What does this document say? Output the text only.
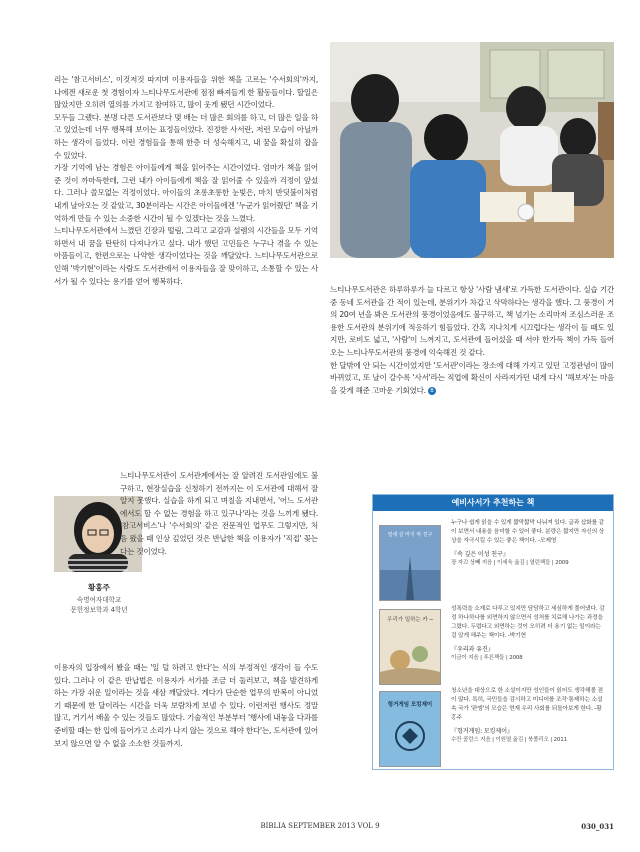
리는 '참고서비스', 이것저것 따지며 이용자들을 위한 책을 고르는 '수서회의'까지, 나에겐 새로운 첫 경험이자 느티나무도서관에 점점 빠져들게 한 활동들이다. 할일은 많았지만 오히려 열의를 가지고 참여하고, 많이 웃게 됐던 시간이었다.

모두들 그랬다. 분명 다른 도서관보다 몇 배는 더 많은 회의를 하고, 더 많은 일을 하고 있었는데 너무 행복해 보이는 표정들이었다. 진정한 사서란, 저런 모습이 아닐까 하는 생각이 들었다. 이런 경험들을 통해 한층 더 성숙해지고, 내 꿈을 확실히 잡을 수 있었다.

가장 기억에 남는 경험은 아이들에게 책을 읽어주는 시간이었다. 엄마가 책을 읽어준 것이 까마득한데, 그런 내가 아이들에게 책을 잘 읽어줄 수 있을까 걱정이 앞섰다. 그러나 쓸모없는 걱정이었다. 아이들의 초롱초롱한 눈빛은, 마치 반딧불이처럼 내게 날아오는 것 같았고, 30분이라는 시간은 아이들에겐 '누군가 읽어줬던' 책을 기억하게 만들 수 있는 소중한 시간이 될 수 있겠다는 것을 느꼈다.

느티나무도서관에서 느꼈던 긴장과 떨림, 그리고 교감과 설렘의 시간들을 모두 기억하면서 내 꿈을 탄탄히 다져나가고 싶다. 내가 했던 고민들은 누구나 겪을 수 있는 아픔들이고, 한편으로는 나약한 생각이었다는 것을 깨달았다. 느티나무도서관으로 인해 '박기현'이라는 사람도 도서관에서 이용자들을 잘 맞이하고, 소통할 수 있는 사서가 될 수 있다는 용기를 얻어 행복하다.

황홍주
숙명여자대학교
문헌정보학과 4학년

느티나무도서관이 도서관계에서는 잘 알려진 도서관임에도 불구하고, 현장실습을 신청하기 전까지는 이 도서관에 대해서 잘 알지 못했다. 실습을 하게 되고 며칠을 지내면서, '어느 도서관에서도 할 수 없는 경험을 하고 있구나'라는 것을 느끼게 됐다. '참고서비스'나 '수서회의' 같은 전문적인 업무도 그렇지만, 처음 왔을 때 인상 깊었던 것은 반납한 책을 이용자가 '직접' 꽂는다는 것이었다.

이용자의 입장에서 봤을 때는 '일 덜 하려고 한다'는 식의 부정적인 생각이 들 수도 있다. 그러나 이 같은 반납법은 이용자가 서가를 조금 더 둘러보고, 책을 발견하게 하는 가장 쉬운 일이라는 것을 새삼 깨달았다. 게다가 단순한 업무의 반복이 아니었기 때문에 한 달이라는 시간을 더욱 보람차게 보낼 수 있다. 이런저런 행사도 정말 많고, 거기서 배울 수 있는 것들도 많았다. 기술적인 부분부터 '행사에 내놓을 다과를 준비할 때는 한 입에 들어가고 소리가 나지 않는 것으로 해야 한다'는, 도서관에 있어보지 않으면 알 수 없을 소소한 것들까지.

느티나무도서관은 하루하루가 늘 다르고 항상 '사람 냄새'로 가득한 도서관이다. 실습 기간 중 동네 도서관을 간 적이 있는데, 분위기가 차갑고 삭막하다는 생각을 했다. 그 풍경이 거의 20여 년을 봐온 도서관의 풍경이었음에도 불구하고, 책 넘기는 소리마저 조심스러운 조용한 도서관의 분위기에 적응하기 힘들었다. 간혹 지나치게 시끄럽다는 생각이 들 때도 있지만, 로비도 넓고, '사람'이 느껴지고, 도서관에 들어섰을 때 서야 한가득 책이 가득 들어오는 느티나무도서관의 풍경에 익숙해진 것 같다.

한 달밖에 안 되는 시간이었지만 '도서관'이라는 장소에 대해 가지고 있던 고정관념이 많이 바뀌었고, 또 날이 갈수록 '사서'라는 직업에 확신이 사라져가던 내게 다시 '해보자'는 마음을 갖게 해준 고마운 기회였다. B

예비사서가 추천하는 책
열세 살 마지 막 친구
누구나 쉽게 읽을 수 있게 짧막짧막 나눠져 있다. 글과 삽화를 같이 보면서 내용을 음미할 수 있어 좋다. 분량은 짧지만 자신의 상상을 자극시킬 수 있는 좋은 책이다. -모제영
『속 깊은 이성 친구』
장 자끄 상빼 지음 | 이세욱 옮김 | 열린책들 | 2009
우리가 일하는 카 ─
성폭력을 소재로 다루고 있지만 담담하고 세심하게 풀어냈다. 감정 하나하나를 외면하지 않으면서 성처를 치료해 나가는 과정을 그렸다. 두렵다고 외면하는 것이 오히려 더 용기 없는 일이라는 걸 알게 해주는 책이다. -박기현
『우리과 유진』
이금이 지음 | 푸른책들 | 2008
헝거게임 모킹제이
청소년을 대상으로 한 소설이지만 성인들이 읽어도 생각해볼 점이 많다. 특히, 국민들을 감시하고 미디어를 조작·통제하는 소설 속 국가 '판엠'의 모습은 현재 우리 사회를 되돌아보게 한다. -황홍주
『헝거게임: 모킹제이』
수잔 콜린스 지음 | 이원열 옮김 | 북폴리오 | 2011
BIBLIA SEPTEMBER 2013 VOL 9	030_031
